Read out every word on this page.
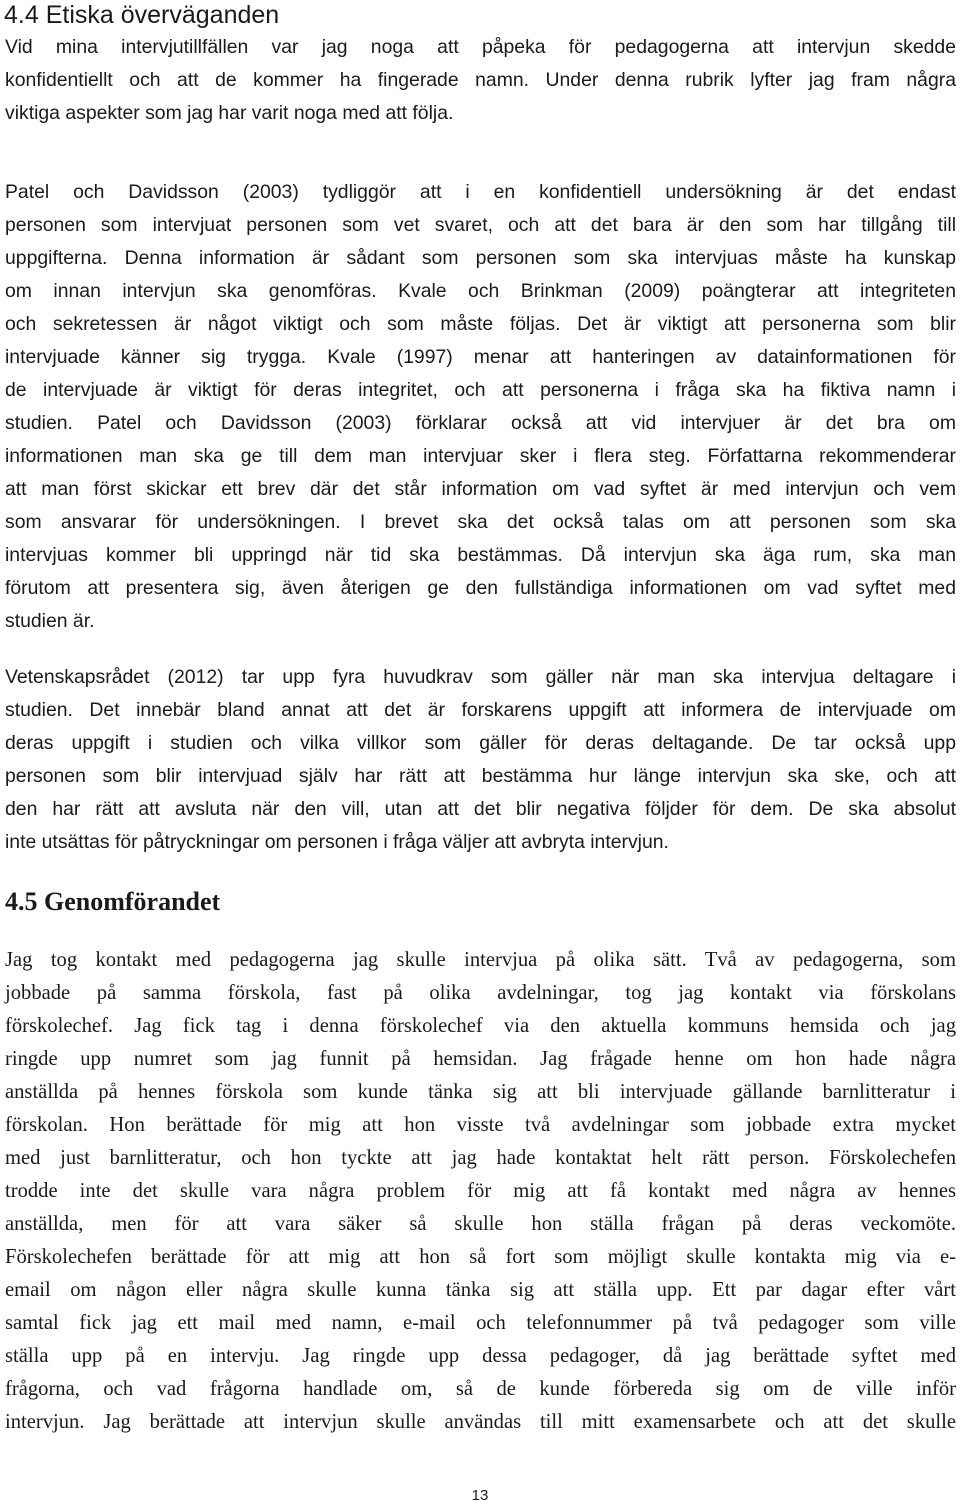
4.4 Etiska överväganden
Vid mina intervjutillfällen var jag noga att påpeka för pedagogerna att intervjun skedde
konfidentiellt och att de kommer ha fingerade namn. Under denna rubrik lyfter jag fram några
viktiga aspekter som jag har varit noga med att följa.
Patel och Davidsson (2003) tydliggör att i en konfidentiell undersökning är det endast
personen som intervjuat personen som vet svaret, och att det bara är den som har tillgång till
uppgifterna. Denna information är sådant som personen som ska intervjuas måste ha kunskap
om innan intervjun ska genomföras. Kvale och Brinkman (2009) poängterar att integriteten
och sekretessen är något viktigt och som måste följas. Det är viktigt att personerna som blir
intervjuade känner sig trygga. Kvale (1997) menar att hanteringen av datainformationen för
de intervjuade är viktigt för deras integritet, och att personerna i fråga ska ha fiktiva namn i
studien. Patel och Davidsson (2003) förklarar också att vid intervjuer är det bra om
informationen man ska ge till dem man intervjuar sker i flera steg. Författarna rekommenderar
att man först skickar ett brev där det står information om vad syftet är med intervjun och vem
som ansvarar för undersökningen. I brevet ska det också talas om att personen som ska
intervjuas kommer bli uppringd när tid ska bestämmas. Då intervjun ska äga rum, ska man
förutom att presentera sig, även återigen ge den fullständiga informationen om vad syftet med
studien är.
Vetenskapsrådet (2012) tar upp fyra huvudkrav som gäller när man ska intervjua deltagare i
studien. Det innebär bland annat att det är forskarens uppgift att informera de intervjuade om
deras uppgift i studien och vilka villkor som gäller för deras deltagande. De tar också upp
personen som blir intervjuad själv har rätt att bestämma hur länge intervjun ska ske, och att
den har rätt att avsluta när den vill, utan att det blir negativa följder för dem. De ska absolut
inte utsättas för påtryckningar om personen i fråga väljer att avbryta intervjun.
4.5 Genomförandet
Jag tog kontakt med pedagogerna jag skulle intervjua på olika sätt. Två av pedagogerna, som
jobbade på samma förskola, fast på olika avdelningar, tog jag kontakt via förskolans
förskolechef. Jag fick tag i denna förskolechef via den aktuella kommuns hemsida och jag
ringde upp numret som jag funnit på hemsidan. Jag frågade henne om hon hade några
anställda på hennes förskola som kunde tänka sig att bli intervjuade gällande barnlitteratur i
förskolan. Hon berättade för mig att hon visste två avdelningar som jobbade extra mycket
med just barnlitteratur, och hon tyckte att jag hade kontaktat helt rätt person. Förskolechefen
trodde inte det skulle vara några problem för mig att få kontakt med några av hennes
anställda, men för att vara säker så skulle hon ställa frågan på deras veckomöte.
Förskolechefen berättade för att mig att hon så fort som möjligt skulle kontakta mig via e-
email om någon eller några skulle kunna tänka sig att ställa upp. Ett par dagar efter vårt
samtal fick jag ett mail med namn, e-mail och telefonnummer på två pedagoger som ville
ställa upp på en intervju. Jag ringde upp dessa pedagoger, då jag berättade syftet med
frågorna, och vad frågorna handlade om, så de kunde förbereda sig om de ville inför
intervjun. Jag berättade att intervjun skulle användas till mitt examensarbete och att det skulle
13
